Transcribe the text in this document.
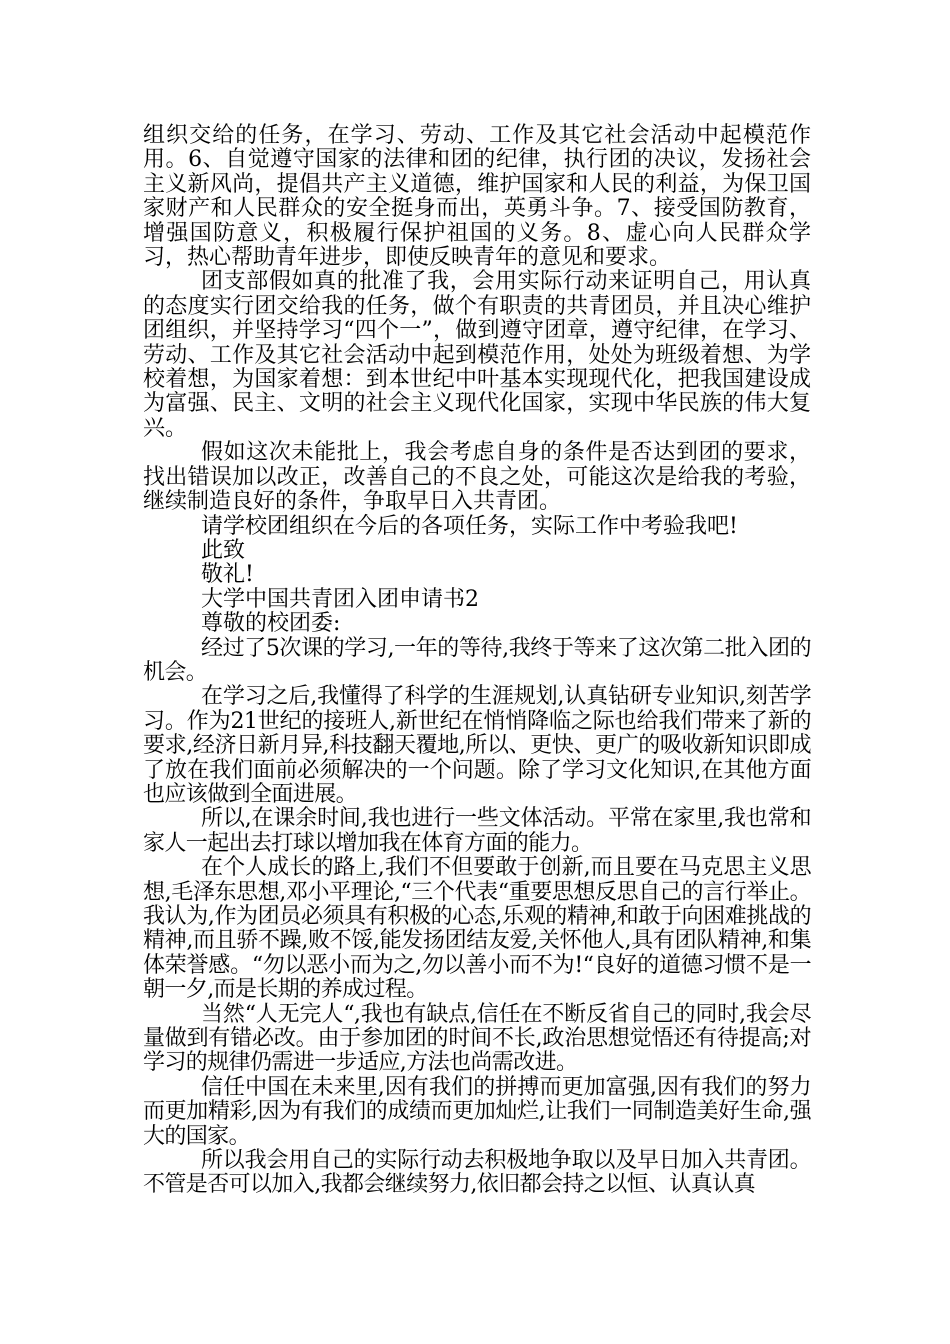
组织交给的任务，在学习、劳动、工作及其它社会活动中起模范作用。6、自觉遵守国家的法律和团的纪律，执行团的决议，发扬社会主义新风尚，提倡共产主义道德，维护国家和人民的利益，为保卫国家财产和人民群众的安全挺身而出，英勇斗争。7、接受国防教育，增强国防意义，积极履行保护祖国的义务。8、虚心向人民群众学习，热心帮助青年进步，即使反映青年的意见和要求。

团支部假如真的批准了我，会用实际行动来证明自己，用认真的态度实行团交给我的任务，做个有职责的共青团员，并且决心维护团组织，并坚持学习“四个一”，做到遵守团章，遵守纪律，在学习、劳动、工作及其它社会活动中起到模范作用，处处为班级着想、为学校着想，为国家着想：到本世纪中叶基本实现现代化，把我国建设成为富强、民主、文明的社会主义现代化国家，实现中华民族的伟大复兴。

假如这次未能批上，我会考虑自身的条件是否达到团的要求，找出错误加以改正，改善自己的不良之处，可能这次是给我的考验，继续制造良好的条件，争取早日入共青团。

请学校团组织在今后的各项任务，实际工作中考验我吧!

此致

敬礼!

大学中国共青团入团申请书2

尊敬的校团委:

经过了5次课的学习,一年的等待,我终于等来了这次第二批入团的机会。

在学习之后,我懂得了科学的生涯规划,认真钻研专业知识,刻苦学习。作为21世纪的接班人,新世纪在悄悄降临之际也给我们带来了新的要求,经济日新月异,科技翻天覆地,所以、更快、更广的吸收新知识即成了放在我们面前必须解决的一个问题。除了学习文化知识,在其他方面也应该做到全面进展。

所以,在课余时间,我也进行一些文体活动。平常在家里,我也常和家人一起出去打球以增加我在体育方面的能力。

在个人成长的路上,我们不但要敢于创新,而且要在马克思主义思想,毛泽东思想,邓小平理论,“三个代表“重要思想反思自己的言行举止。我认为,作为团员必须具有积极的心态,乐观的精神,和敢于向困难挑战的精神,而且骄不躁,败不馁,能发扬团结友爱,关怀他人,具有团队精神,和集体荣誉感。“勿以恶小而为之,勿以善小而不为!“良好的道德习惯不是一朝一夕,而是长期的养成过程。

当然“人无完人“,我也有缺点,信任在不断反省自己的同时,我会尽量做到有错必改。由于参加团的时间不长,政治思想觉悟还有待提高;对学习的规律仍需进一步适应,方法也尚需改进。

信任中国在未来里,因有我们的拼搏而更加富强,因有我们的努力而更加精彩,因为有我们的成绩而更加灿烂,让我们一同制造美好生命,强大的国家。

所以我会用自己的实际行动去积极地争取以及早日加入共青团。不管是否可以加入,我都会继续努力,依旧都会持之以恒、认真认真
